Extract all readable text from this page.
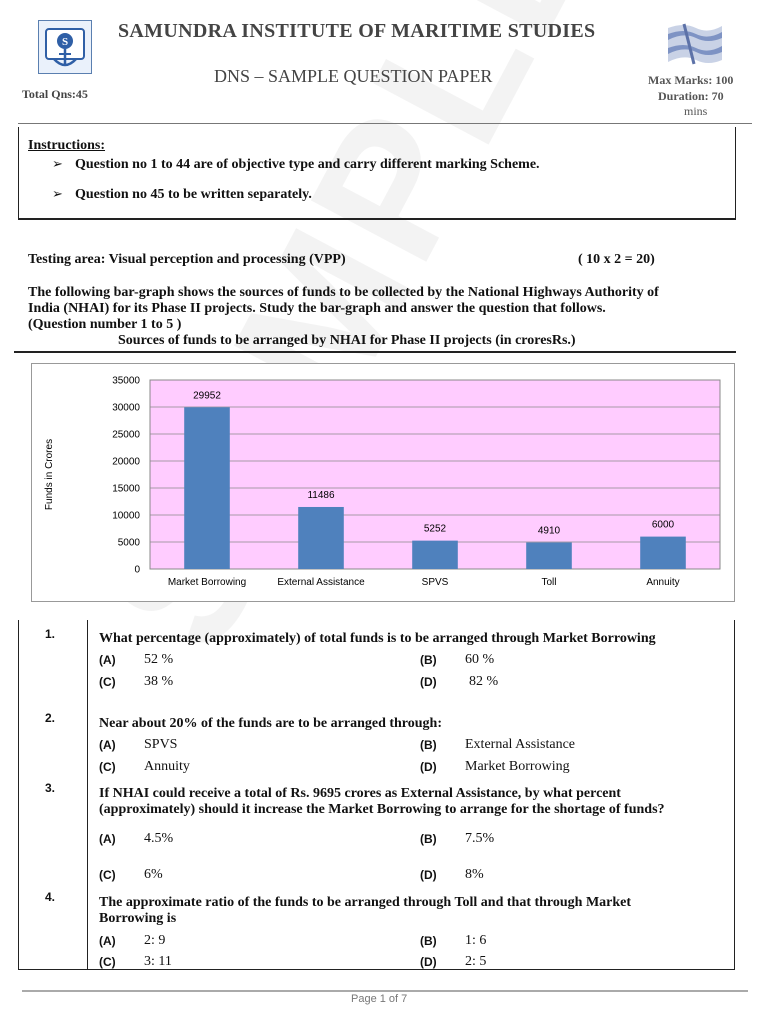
S SAMUNDRA INSTITUTE OF MARITIME STUDIES
DNS – SAMPLE QUESTION PAPER
Total Qns:45
Max Marks: 100
Duration: 70
mins
Instructions:
➢ Question no 1 to 44 are of objective type and carry different marking Scheme.
➢ Question no 45 to be written separately.
Testing area: Visual perception and processing (VPP)	( 10 x 2 = 20)
The following bar-graph shows the sources of funds to be collected by the National Highways Authority of
India (NHAI) for its Phase II projects. Study the bar-graph and answer the question that follows.
(Question number 1 to 5 )
Sources of funds to be arranged by NHAI for Phase II projects (in croresRs.)
0
5000
10000
15000
20000
25000
30000
35000
Funds in Crores
29952
Market Borrowing
11486
External Assistance
5252
SPVS
4910
Toll
6000
Annuity
1.	What percentage (approximately) of total funds is to be arranged through Market Borrowing
(A) 52 %	(B) 60 %
(C) 38 %	(D) 82 %
2.	Near about 20% of the funds are to be arranged through:
(A) SPVS	(B) External Assistance
(C) Annuity	(D) Market Borrowing
3.	If NHAI could receive a total of Rs. 9695 crores as External Assistance, by what percent
(approximately) should it increase the Market Borrowing to arrange for the shortage of funds?
(A) 4.5%	(B) 7.5%
(C) 6%	(D) 8%
4.	The approximate ratio of the funds to be arranged through Toll and that through Market
Borrowing is
(A) 2: 9	(B) 1: 6
(C) 3: 11	(D) 2: 5
Page 1 of 7
